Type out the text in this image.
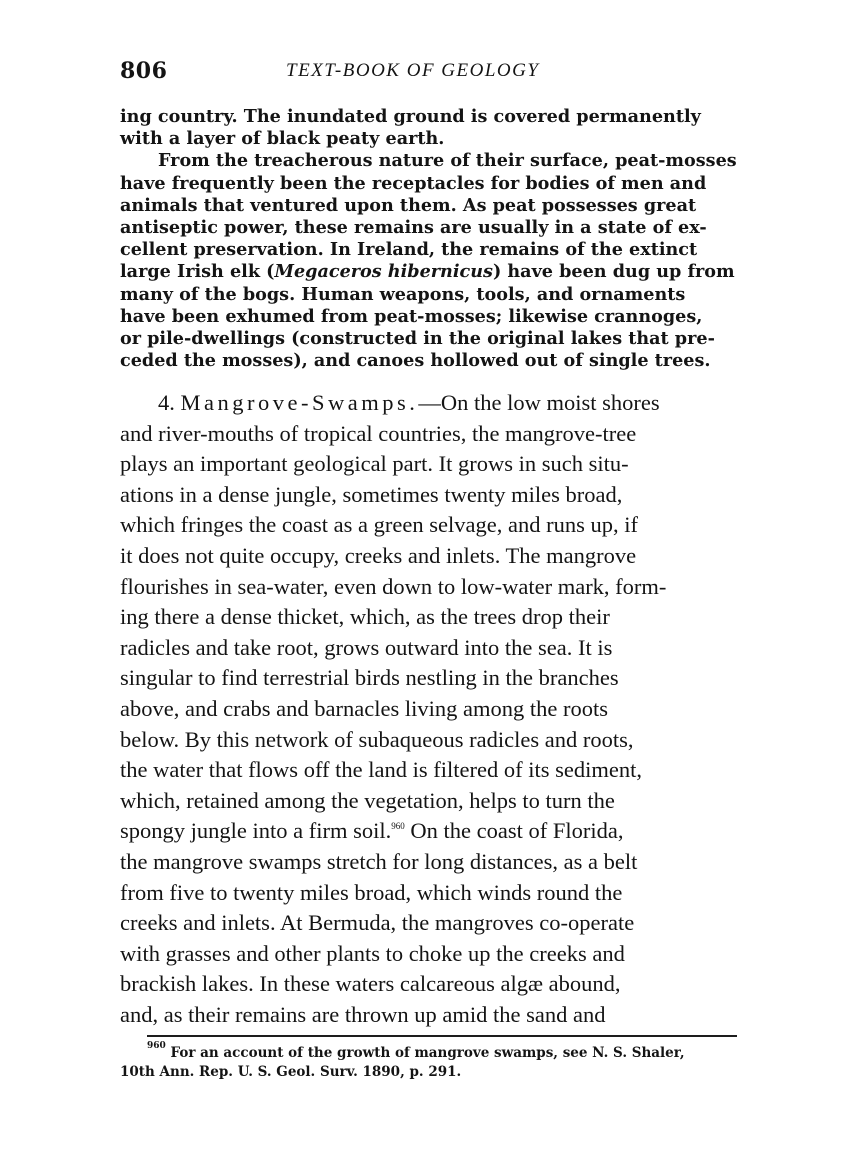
806	TEXT-BOOK OF GEOLOGY

ing country. The inundated ground is covered permanently
with a layer of black peaty earth.
From the treacherous nature of their surface, peat-mosses
have frequently been the receptacles for bodies of men and
animals that ventured upon them. As peat possesses great
antiseptic power, these remains are usually in a state of ex-
cellent preservation. In Ireland, the remains of the extinct
large Irish elk (Megaceros hibernicus) have been dug up from
many of the bogs. Human weapons, tools, and ornaments
have been exhumed from peat-mosses; likewise crannoges,
or pile-dwellings (constructed in the original lakes that pre-
ceded the mosses), and canoes hollowed out of single trees.

4. Mangrove-Swamps.—On the low moist shores
and river-mouths of tropical countries, the mangrove-tree
plays an important geological part. It grows in such situ-
ations in a dense jungle, sometimes twenty miles broad,
which fringes the coast as a green selvage, and runs up, if
it does not quite occupy, creeks and inlets. The mangrove
flourishes in sea-water, even down to low-water mark, form-
ing there a dense thicket, which, as the trees drop their
radicles and take root, grows outward into the sea. It is
singular to find terrestrial birds nestling in the branches
above, and crabs and barnacles living among the roots
below. By this network of subaqueous radicles and roots,
the water that flows off the land is filtered of its sediment,
which, retained among the vegetation, helps to turn the
spongy jungle into a firm soil.$^{960}$ On the coast of Florida,
the mangrove swamps stretch for long distances, as a belt
from five to twenty miles broad, which winds round the
creeks and inlets. At Bermuda, the mangroves co-operate
with grasses and other plants to choke up the creeks and
brackish lakes. In these waters calcareous algæ abound,
and, as their remains are thrown up amid the sand and

$^{960}$ For an account of the growth of mangrove swamps, see N. S. Shaler,
10th Ann. Rep. U. S. Geol. Surv. 1890, p. 291.
